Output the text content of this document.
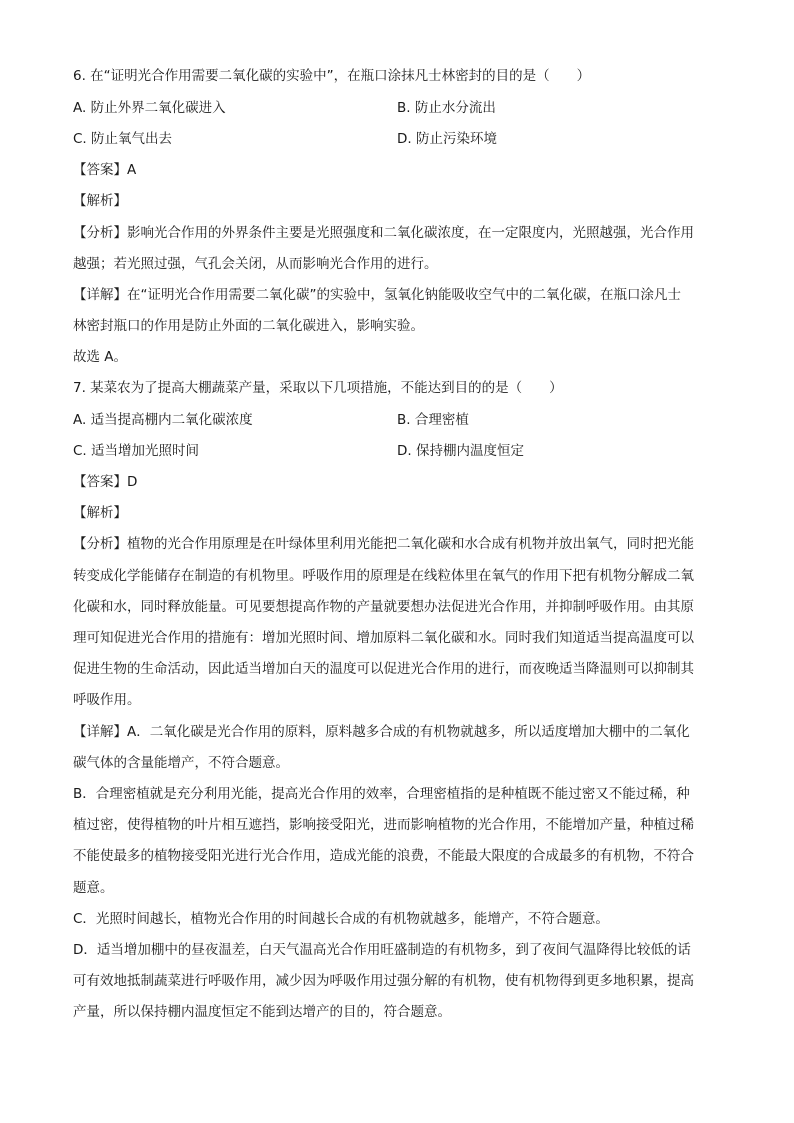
6. 在“证明光合作用需要二氧化碳的实验中”，在瓶口涂抹凡士林密封的目的是（　　）
A. 防止外界二氧化碳进入	B. 防止水分流出
C. 防止氧气出去	D. 防止污染环境
【答案】A
【解析】
【分析】影响光合作用的外界条件主要是光照强度和二氧化碳浓度，在一定限度内，光照越强，光合作用
越强；若光照过强，气孔会关闭，从而影响光合作用的进行。
【详解】在“证明光合作用需要二氧化碳”的实验中，氢氧化钠能吸收空气中的二氧化碳，在瓶口涂凡士
林密封瓶口的作用是防止外面的二氧化碳进入，影响实验。
故选 A。
7. 某菜农为了提高大棚蔬菜产量，采取以下几项措施，不能达到目的的是（　　）
A. 适当提高棚内二氧化碳浓度	B. 合理密植
C. 适当增加光照时间	D. 保持棚内温度恒定
【答案】D
【解析】
【分析】植物的光合作用原理是在叶绿体里利用光能把二氧化碳和水合成有机物并放出氧气，同时把光能
转变成化学能储存在制造的有机物里。呼吸作用的原理是在线粒体里在氧气的作用下把有机物分解成二氧
化碳和水，同时释放能量。可见要想提高作物的产量就要想办法促进光合作用，并抑制呼吸作用。由其原
理可知促进光合作用的措施有：增加光照时间、增加原料二氧化碳和水。同时我们知道适当提高温度可以
促进生物的生命活动，因此适当增加白天的温度可以促进光合作用的进行，而夜晚适当降温则可以抑制其
呼吸作用。
【详解】A．二氧化碳是光合作用的原料，原料越多合成的有机物就越多，所以适度增加大棚中的二氧化
碳气体的含量能增产，不符合题意。
B．合理密植就是充分利用光能，提高光合作用的效率，合理密植指的是种植既不能过密又不能过稀，种
植过密，使得植物的叶片相互遮挡，影响接受阳光，进而影响植物的光合作用，不能增加产量，种植过稀
不能使最多的植物接受阳光进行光合作用，造成光能的浪费，不能最大限度的合成最多的有机物，不符合
题意。
C．光照时间越长，植物光合作用的时间越长合成的有机物就越多，能增产，不符合题意。
D．适当增加棚中的昼夜温差，白天气温高光合作用旺盛制造的有机物多，到了夜间气温降得比较低的话
可有效地抵制蔬菜进行呼吸作用，减少因为呼吸作用过强分解的有机物，使有机物得到更多地积累，提高
产量，所以保持棚内温度恒定不能到达增产的目的，符合题意。
